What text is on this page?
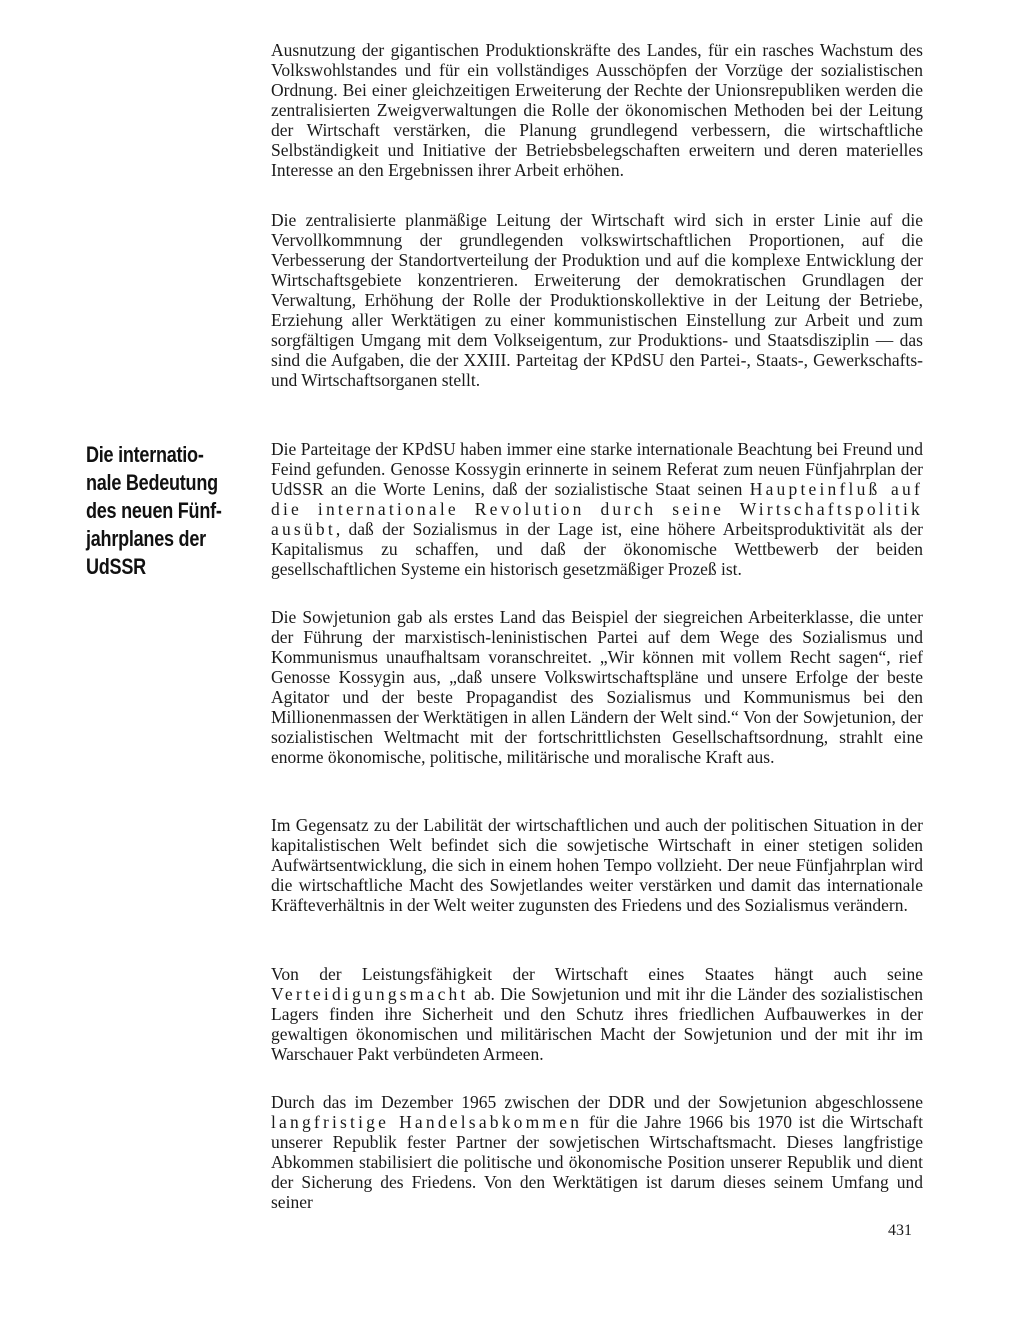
Die internatio-
nale Bedeutung
des neuen Fünf-
jahrplanes der
UdSSR

Ausnutzung der gigantischen Produktionskräfte des Landes, für ein rasches Wachstum des Volkswohlstandes und für ein vollständiges Ausschöpfen der Vorzüge der sozialistischen Ordnung. Bei einer gleichzeitigen Erweiterung der Rechte der Unionsrepubliken werden die zentralisierten Zweigverwaltungen die Rolle der ökonomischen Methoden bei der Leitung der Wirtschaft verstärken, die Planung grundlegend verbessern, die wirtschaftliche Selbständigkeit und Initiative der Betriebsbelegschaften erweitern und deren materielles Interesse an den Ergebnissen ihrer Arbeit erhöhen.

Die zentralisierte planmäßige Leitung der Wirtschaft wird sich in erster Linie auf die Vervollkommnung der grundlegenden volkswirtschaftlichen Proportionen, auf die Verbesserung der Standortverteilung der Produktion und auf die komplexe Entwicklung der Wirtschaftsgebiete konzentrieren. Erweiterung der demokratischen Grundlagen der Verwaltung, Erhöhung der Rolle der Produktionskollektive in der Leitung der Betriebe, Erziehung aller Werktätigen zu einer kommunistischen Einstellung zur Arbeit und zum sorgfältigen Umgang mit dem Volkseigentum, zur Produktions- und Staatsdisziplin — das sind die Aufgaben, die der XXIII. Parteitag der KPdSU den Partei-, Staats-, Gewerkschafts- und Wirtschaftsorganen stellt.

Die Parteitage der KPdSU haben immer eine starke internationale Beachtung bei Freund und Feind gefunden. Genosse Kossygin erinnerte in seinem Referat zum neuen Fünfjahrplan der UdSSR an die Worte Lenins, daß der sozialistische Staat seinen Haupteinfluß auf die internationale Revolution durch seine Wirtschaftspolitik ausübt, daß der Sozialismus in der Lage ist, eine höhere Arbeitsproduktivität als der Kapitalismus zu schaffen, und daß der ökonomische Wettbewerb der beiden gesellschaftlichen Systeme ein historisch gesetzmäßiger Prozeß ist.

Die Sowjetunion gab als erstes Land das Beispiel der siegreichen Arbeiterklasse, die unter der Führung der marxistisch-leninistischen Partei auf dem Wege des Sozialismus und Kommunismus unaufhaltsam voranschreitet. „Wir können mit vollem Recht sagen“, rief Genosse Kossygin aus, „daß unsere Volkswirtschaftspläne und unsere Erfolge der beste Agitator und der beste Propagandist des Sozialismus und Kommunismus bei den Millionenmassen der Werktätigen in allen Ländern der Welt sind.“ Von der Sowjetunion, der sozialistischen Weltmacht mit der fortschrittlichsten Gesellschaftsordnung, strahlt eine enorme ökonomische, politische, militärische und moralische Kraft aus.

Im Gegensatz zu der Labilität der wirtschaftlichen und auch der politischen Situation in der kapitalistischen Welt befindet sich die sowjetische Wirtschaft in einer stetigen soliden Aufwärtsentwicklung, die sich in einem hohen Tempo vollzieht. Der neue Fünfjahrplan wird die wirtschaftliche Macht des Sowjetlandes weiter verstärken und damit das internationale Kräfteverhältnis in der Welt weiter zugunsten des Friedens und des Sozialismus verändern.

Von der Leistungsfähigkeit der Wirtschaft eines Staates hängt auch seine Verteidigungsmacht ab. Die Sowjetunion und mit ihr die Länder des sozialistischen Lagers finden ihre Sicherheit und den Schutz ihres friedlichen Aufbauwerkes in der gewaltigen ökonomischen und militärischen Macht der Sowjetunion und der mit ihr im Warschauer Pakt verbündeten Armeen.

Durch das im Dezember 1965 zwischen der DDR und der Sowjetunion abgeschlossene langfristige Handelsabkommen für die Jahre 1966 bis 1970 ist die Wirtschaft unserer Republik fester Partner der sowjetischen Wirtschaftsmacht. Dieses langfristige Abkommen stabilisiert die politische und ökonomische Position unserer Republik und dient der Sicherung des Friedens. Von den Werktätigen ist darum dieses seinem Umfang und seiner

431
